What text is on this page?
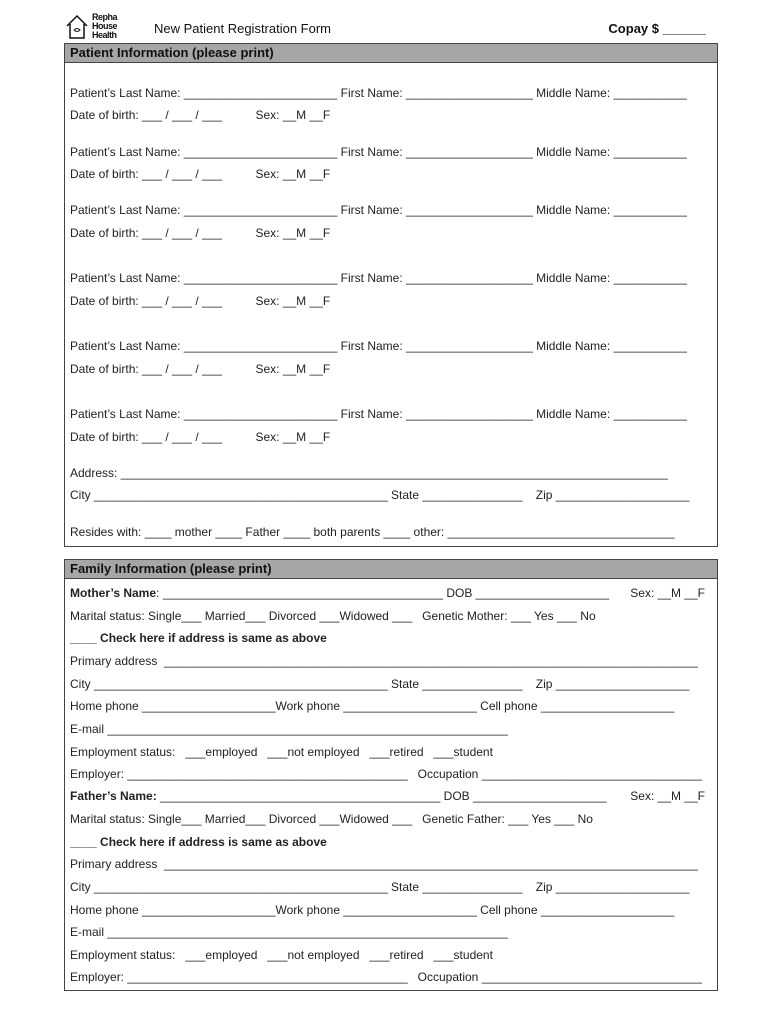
Repha
House
Health	New Patient Registration Form	Copay $ ______
Patient Information (please print)
Patient’s Last Name: _______________________ First Name: ___________________ Middle Name: ___________
Date of birth: ___ / ___ / ___          Sex: __M __F
Patient’s Last Name: _______________________ First Name: ___________________ Middle Name: ___________
Date of birth: ___ / ___ / ___          Sex: __M __F
Patient’s Last Name: _______________________ First Name: ___________________ Middle Name: ___________
Date of birth: ___ / ___ / ___          Sex: __M __F
Patient’s Last Name: _______________________ First Name: ___________________ Middle Name: ___________
Date of birth: ___ / ___ / ___          Sex: __M __F
Patient’s Last Name: _______________________ First Name: ___________________ Middle Name: ___________
Date of birth: ___ / ___ / ___          Sex: __M __F
Patient’s Last Name: _______________________ First Name: ___________________ Middle Name: ___________
Date of birth: ___ / ___ / ___          Sex: __M __F
Address: __________________________________________________________________________________
City ____________________________________________ State _______________    Zip ____________________
Resides with: ____ mother ____ Father ____ both parents ____ other: __________________________________
Family Information (please print)
Mother’s Name: __________________________________________ DOB ____________________ Sex: __M __F
Marital status: Single___ Married___ Divorced ___Widowed ___   Genetic Mother: ___ Yes ___ No
____ Check here if address is same as above
Primary address  ________________________________________________________________________________
City ____________________________________________ State _______________    Zip ____________________
Home phone ____________________Work phone ____________________ Cell phone ____________________
E-mail ____________________________________________________________
Employment status:   ___employed   ___not employed   ___retired   ___student
Employer: __________________________________________   Occupation _________________________________
Father’s Name: __________________________________________ DOB ____________________ Sex: __M __F
Marital status: Single___ Married___ Divorced ___Widowed ___   Genetic Father: ___ Yes ___ No
____ Check here if address is same as above
Primary address  ________________________________________________________________________________
City ____________________________________________ State _______________    Zip ____________________
Home phone ____________________Work phone ____________________ Cell phone ____________________
E-mail ____________________________________________________________
Employment status:   ___employed   ___not employed   ___retired   ___student
Employer: __________________________________________   Occupation _________________________________
